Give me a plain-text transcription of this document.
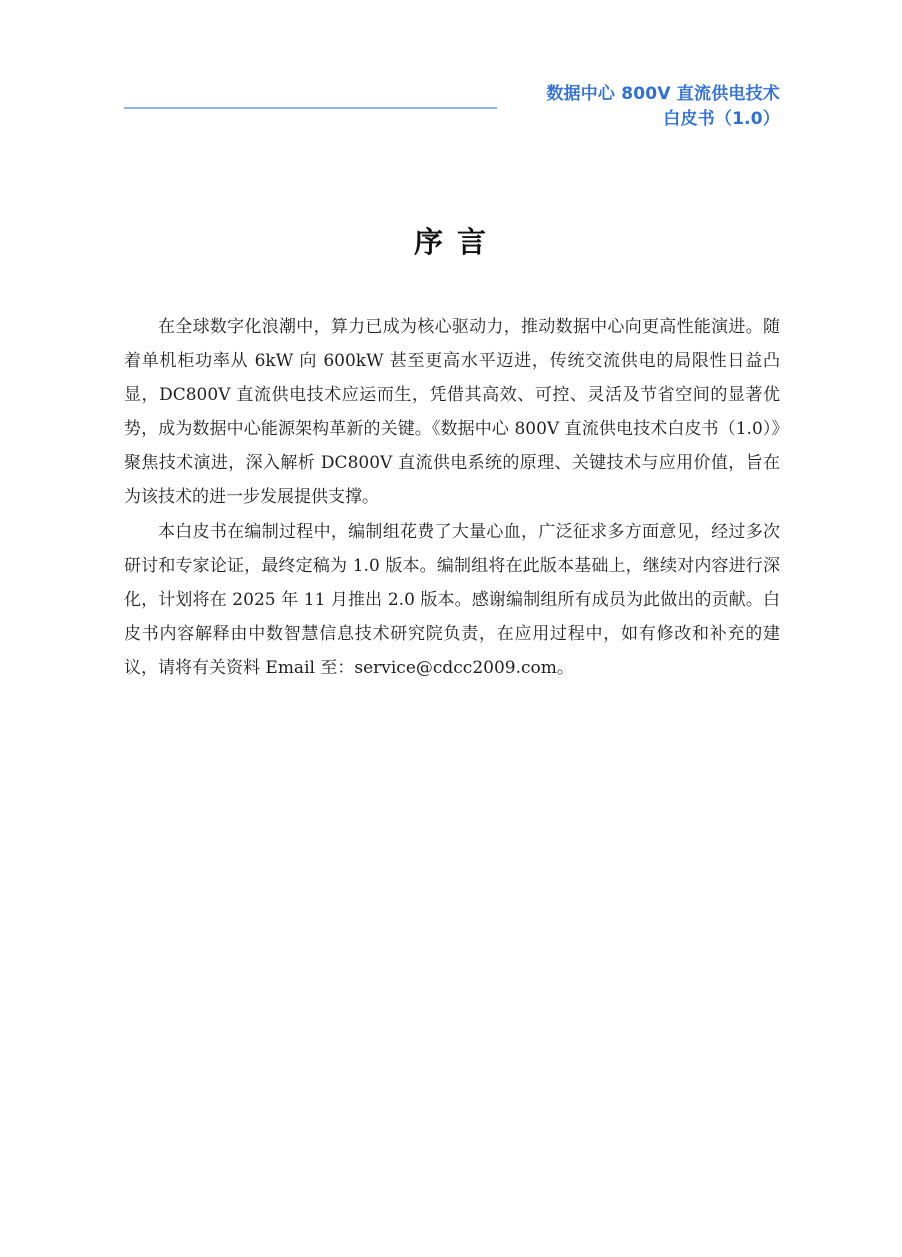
数据中心 800V 直流供电技术
白皮书（1.0）
序 言

在全球数字化浪潮中，算力已成为核心驱动力，推动数据中心向更高性能演进。随着单机柜功率从 6kW 向 600kW 甚至更高水平迈进，传统交流供电的局限性日益凸显，DC800V 直流供电技术应运而生，凭借其高效、可控、灵活及节省空间的显著优势，成为数据中心能源架构革新的关键。《数据中心 800V 直流供电技术白皮书（1.0）》聚焦技术演进，深入解析 DC800V 直流供电系统的原理、关键技术与应用价值，旨在为该技术的进一步发展提供支撑。

本白皮书在编制过程中，编制组花费了大量心血，广泛征求多方面意见，经过多次研讨和专家论证，最终定稿为 1.0 版本。编制组将在此版本基础上，继续对内容进行深化，计划将在 2025 年 11 月推出 2.0 版本。感谢编制组所有成员为此做出的贡献。白皮书内容解释由中数智慧信息技术研究院负责，在应用过程中，如有修改和补充的建议，请将有关资料 Email 至：service@cdcc2009.com。
